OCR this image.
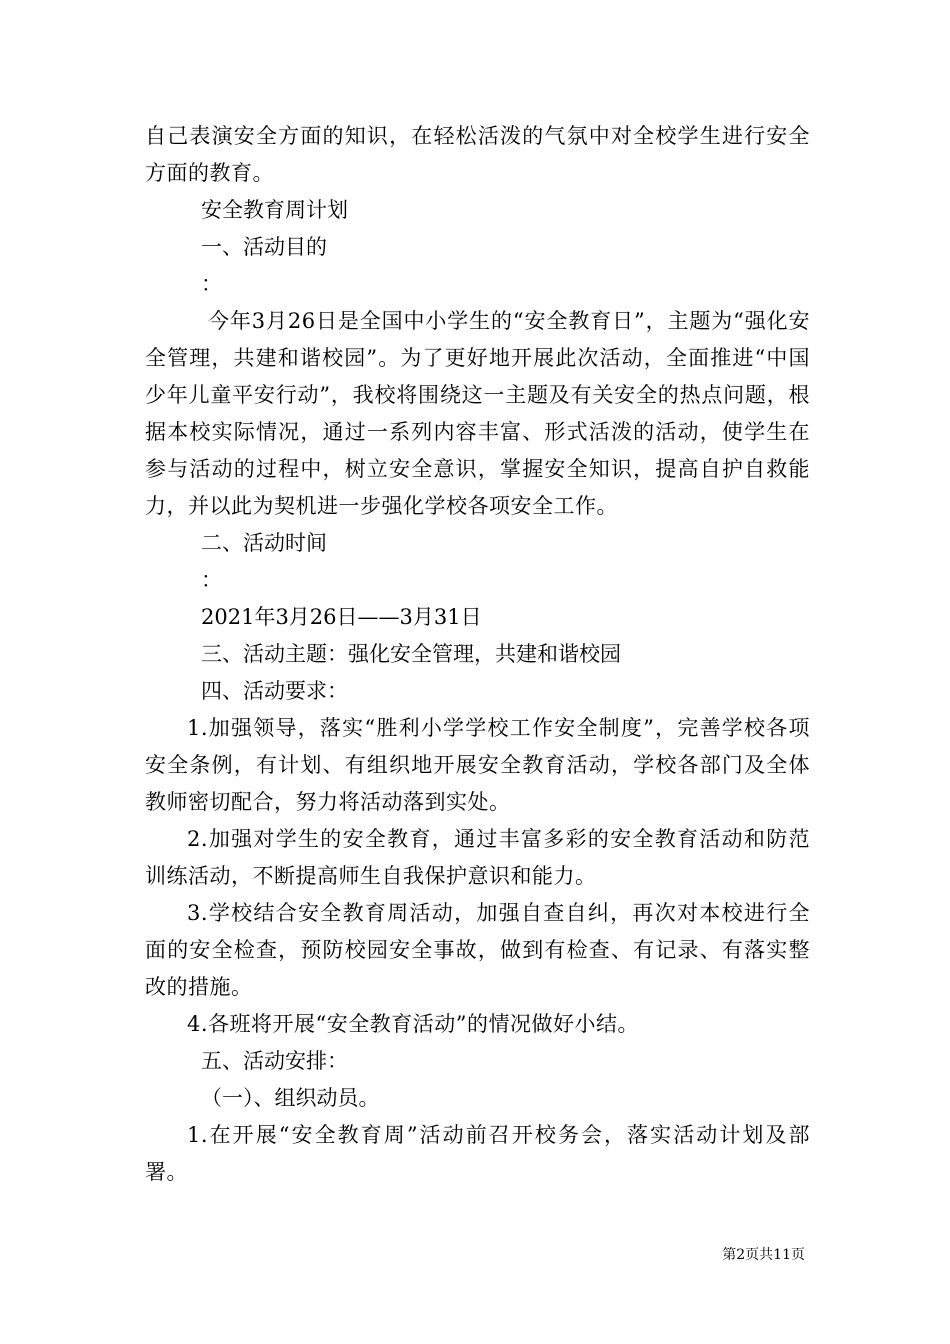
自己表演安全方面的知识，在轻松活泼的气氛中对全校学生进行安全方面的教育。

安全教育周计划

一、活动目的

：

今年3月26日是全国中小学生的“安全教育日”，主题为“强化安全管理，共建和谐校园”。为了更好地开展此次活动，全面推进“中国少年儿童平安行动”，我校将围绕这一主题及有关安全的热点问题，根据本校实际情况，通过一系列内容丰富、形式活泼的活动，使学生在参与活动的过程中，树立安全意识，掌握安全知识，提高自护自救能力，并以此为契机进一步强化学校各项安全工作。

二、活动时间

：

2021年3月26日——3月31日

三、活动主题：强化安全管理，共建和谐校园

四、活动要求：

1.加强领导，落实“胜利小学学校工作安全制度”，完善学校各项安全条例，有计划、有组织地开展安全教育活动，学校各部门及全体教师密切配合，努力将活动落到实处。

2.加强对学生的安全教育，通过丰富多彩的安全教育活动和防范训练活动，不断提高师生自我保护意识和能力。

3.学校结合安全教育周活动，加强自查自纠，再次对本校进行全面的安全检查，预防校园安全事故，做到有检查、有记录、有落实整改的措施。

4.各班将开展“安全教育活动”的情况做好小结。

五、活动安排：

（一）、组织动员。

1.在开展“安全教育周”活动前召开校务会，落实活动计划及部署。

第2页共11页
